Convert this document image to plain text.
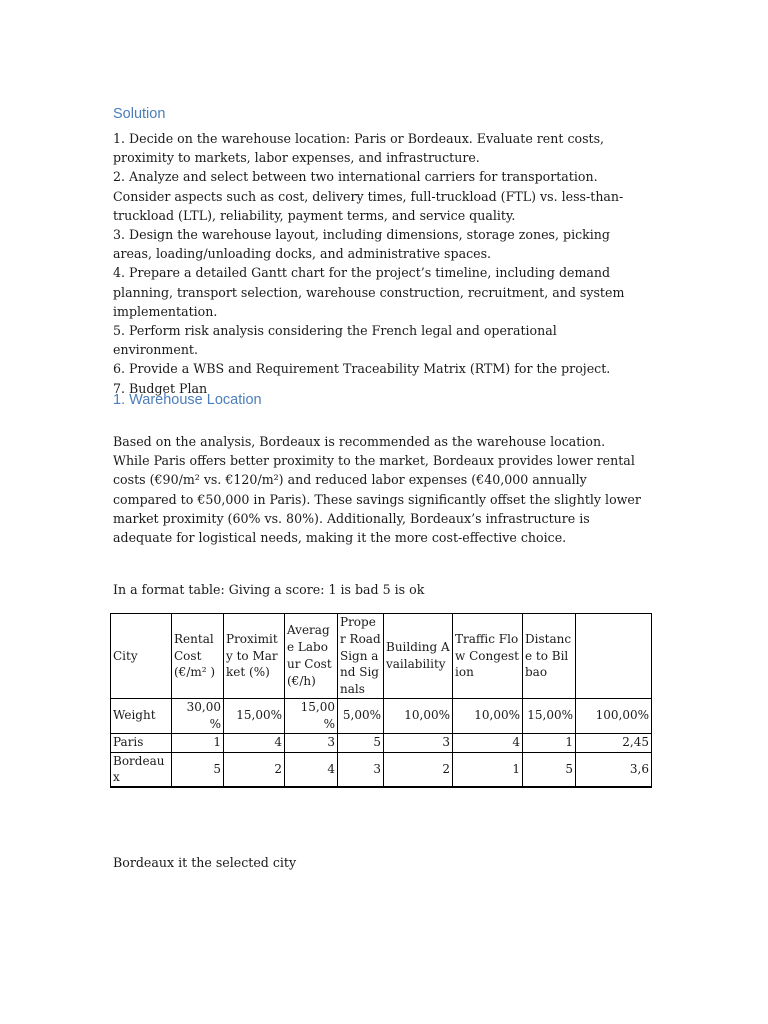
Solution

1. Decide on the warehouse location: Paris or Bordeaux. Evaluate rent costs, proximity to markets, labor expenses, and infrastructure.

2. Analyze and select between two international carriers for transportation. Consider aspects such as cost, delivery times, full-truckload (FTL) vs. less-than-truckload (LTL), reliability, payment terms, and service quality.

3. Design the warehouse layout, including dimensions, storage zones, picking areas, loading/unloading docks, and administrative spaces.

4. Prepare a detailed Gantt chart for the project’s timeline, including demand planning, transport selection, warehouse construction, recruitment, and system implementation.

5. Perform risk analysis considering the French legal and operational environment.

6. Provide a WBS and Requirement Traceability Matrix (RTM) for the project.

7. Budget Plan

1. Warehouse Location

Based on the analysis, Bordeaux is recommended as the warehouse location. While Paris offers better proximity to the market, Bordeaux provides lower rental costs (€90/m² vs. €120/m²) and reduced labor expenses (€40,000 annually compared to €50,000 in Paris). These savings significantly offset the slightly lower market proximity (60% vs. 80%). Additionally, Bordeaux’s infrastructure is adequate for logistical needs, making it the more cost-effective choice.

In a format table: Giving a score: 1 is bad 5 is ok

City	Rental Cost (€/m² )	Proximity to Market (%)	Average Labour Cost (€/h)	Proper Road Sign and Signals	Building Availability	Traffic Flow Congestion	Distance to Bilbao	
Weight	30,00 %	15,00%	15,00 %	5,00%	10,00%	10,00%	15,00%	100,00%
Paris	1	4	3	5	3	4	1	2,45
Bordeaux	5	2	4	3	2	1	5	3,6

Bordeaux it the selected city
